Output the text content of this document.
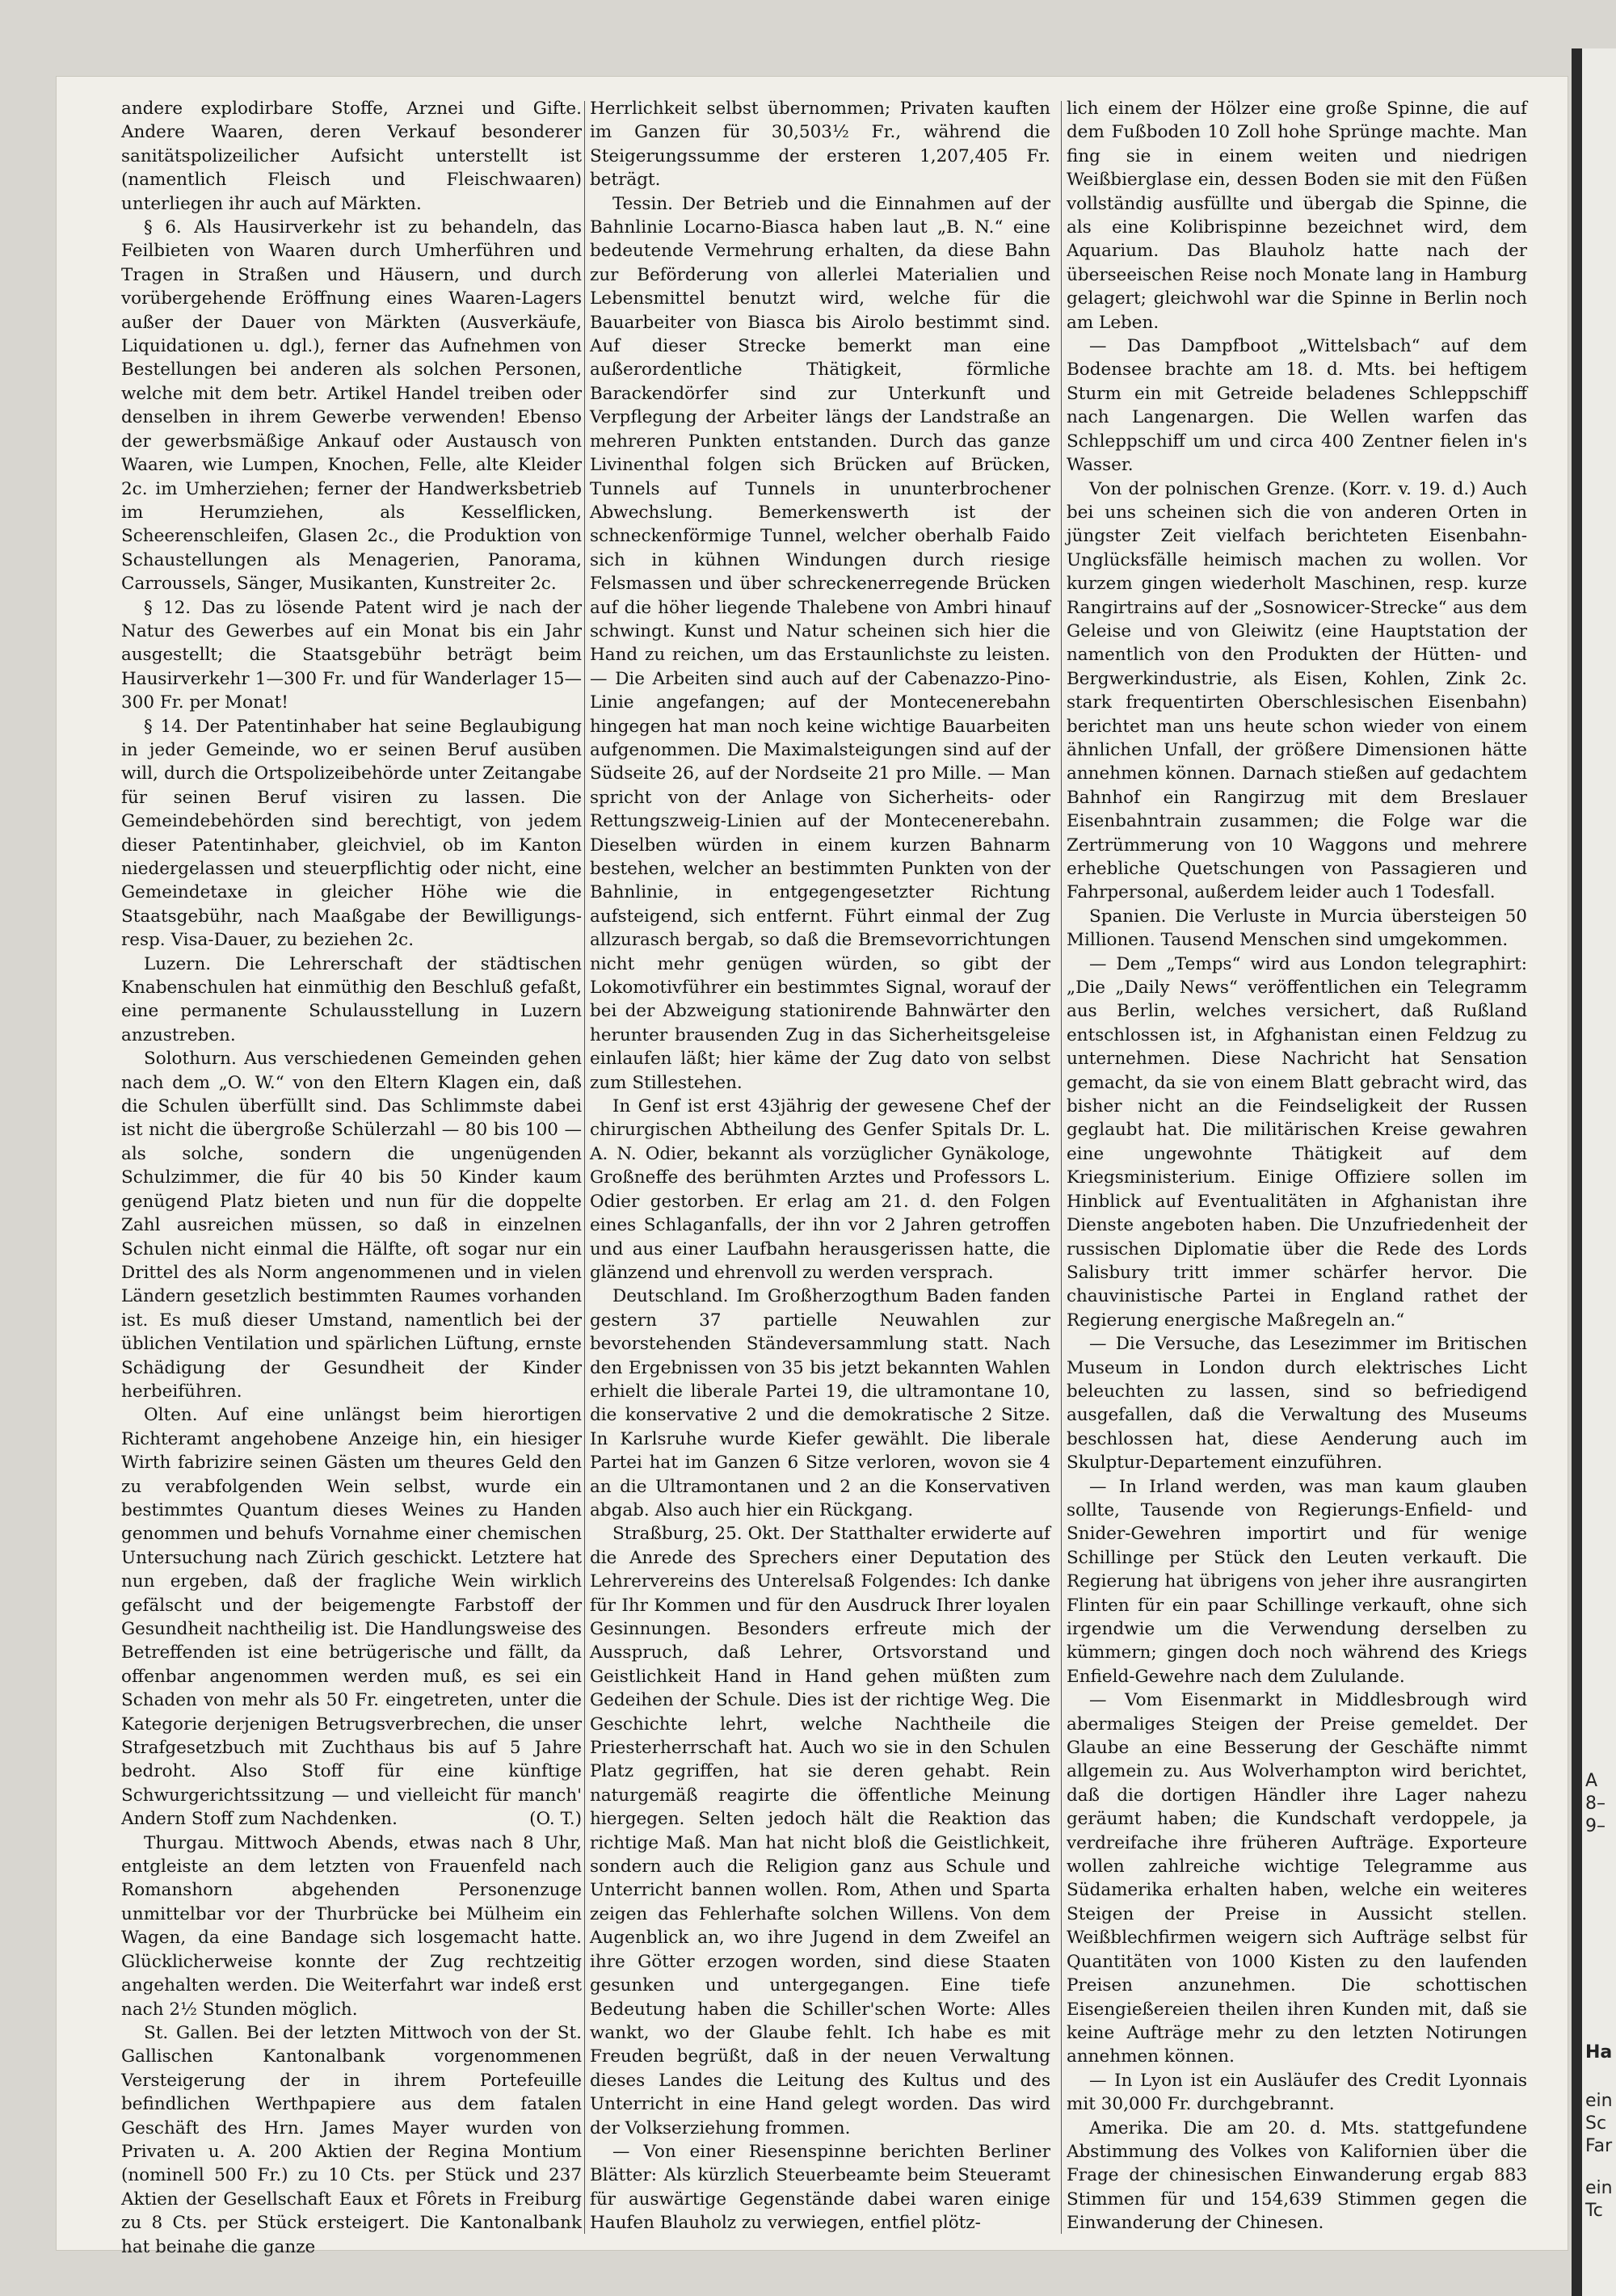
andere explodirbare Stoffe, Arznei und Gifte. Andere Waaren, deren Verkauf besonderer sanitätspolizeilicher Aufsicht unterstellt ist (namentlich Fleisch und Fleischwaaren) unterliegen ihr auch auf Märkten.

§ 6. Als Hausirverkehr ist zu behandeln, das Feilbieten von Waaren durch Umherführen und Tragen in Straßen und Häusern, und durch vorübergehende Eröffnung eines Waaren-Lagers außer der Dauer von Märkten (Ausverkäufe, Liquidationen u. dgl.), ferner das Aufnehmen von Bestellungen bei anderen als solchen Personen, welche mit dem betr. Artikel Handel treiben oder denselben in ihrem Gewerbe verwenden! Ebenso der gewerbsmäßige Ankauf oder Austausch von Waaren, wie Lumpen, Knochen, Felle, alte Kleider 2c. im Umherziehen; ferner der Handwerksbetrieb im Herumziehen, als Kesselflicken, Scheerenschleifen, Glasen 2c., die Produktion von Schaustellungen als Menagerien, Panorama, Carroussels, Sänger, Musikanten, Kunstreiter 2c.

§ 12. Das zu lösende Patent wird je nach der Natur des Gewerbes auf ein Monat bis ein Jahr ausgestellt; die Staatsgebühr beträgt beim Hausirverkehr 1—300 Fr. und für Wanderlager 15—300 Fr. per Monat!

§ 14. Der Patentinhaber hat seine Beglaubigung in jeder Gemeinde, wo er seinen Beruf ausüben will, durch die Ortspolizeibehörde unter Zeitangabe für seinen Beruf visiren zu lassen. Die Gemeindebehörden sind berechtigt, von jedem dieser Patentinhaber, gleichviel, ob im Kanton niedergelassen und steuerpflichtig oder nicht, eine Gemeindetaxe in gleicher Höhe wie die Staatsgebühr, nach Maaßgabe der Bewilligungs- resp. Visa-Dauer, zu beziehen 2c.

Luzern. Die Lehrerschaft der städtischen Knabenschulen hat einmüthig den Beschluß gefaßt, eine permanente Schulausstellung in Luzern anzustreben.

Solothurn. Aus verschiedenen Gemeinden gehen nach dem „O. W.“ von den Eltern Klagen ein, daß die Schulen überfüllt sind. Das Schlimmste dabei ist nicht die übergroße Schülerzahl — 80 bis 100 — als solche, sondern die ungenügenden Schulzimmer, die für 40 bis 50 Kinder kaum genügend Platz bieten und nun für die doppelte Zahl ausreichen müssen, so daß in einzelnen Schulen nicht einmal die Hälfte, oft sogar nur ein Drittel des als Norm angenommenen und in vielen Ländern gesetzlich bestimmten Raumes vorhanden ist. Es muß dieser Umstand, namentlich bei der üblichen Ventilation und spärlichen Lüftung, ernste Schädigung der Gesundheit der Kinder herbeiführen.

Olten. Auf eine unlängst beim hierortigen Richteramt angehobene Anzeige hin, ein hiesiger Wirth fabrizire seinen Gästen um theures Geld den zu verabfolgenden Wein selbst, wurde ein bestimmtes Quantum dieses Weines zu Handen genommen und behufs Vornahme einer chemischen Untersuchung nach Zürich geschickt. Letztere hat nun ergeben, daß der fragliche Wein wirklich gefälscht und der beigemengte Farbstoff der Gesundheit nachtheilig ist. Die Handlungsweise des Betreffenden ist eine betrügerische und fällt, da offenbar angenommen werden muß, es sei ein Schaden von mehr als 50 Fr. eingetreten, unter die Kategorie derjenigen Betrugsverbrechen, die unser Strafgesetzbuch mit Zuchthaus bis auf 5 Jahre bedroht. Also Stoff für eine künftige Schwurgerichtssitzung — und vielleicht für manch' Andern Stoff zum Nachdenken.	(O. T.)

Thurgau. Mittwoch Abends, etwas nach 8 Uhr, entgleiste an dem letzten von Frauenfeld nach Romanshorn abgehenden Personenzuge unmittelbar vor der Thurbrücke bei Mülheim ein Wagen, da eine Bandage sich losgemacht hatte. Glücklicherweise konnte der Zug rechtzeitig angehalten werden. Die Weiterfahrt war indeß erst nach 2½ Stunden möglich.

St. Gallen. Bei der letzten Mittwoch von der St. Gallischen Kantonalbank vorgenommenen Versteigerung der in ihrem Portefeuille befindlichen Werthpapiere aus dem fatalen Geschäft des Hrn. James Mayer wurden von Privaten u. A. 200 Aktien der Regina Montium (nominell 500 Fr.) zu 10 Cts. per Stück und 237 Aktien der Gesellschaft Eaux et Fôrets in Freiburg zu 8 Cts. per Stück ersteigert. Die Kantonalbank hat beinahe die ganze

Herrlichkeit selbst übernommen; Privaten kauften im Ganzen für 30,503½ Fr., während die Steigerungssumme der ersteren 1,207,405 Fr. beträgt.

Tessin. Der Betrieb und die Einnahmen auf der Bahnlinie Locarno-Biasca haben laut „B. N.“ eine bedeutende Vermehrung erhalten, da diese Bahn zur Beförderung von allerlei Materialien und Lebensmittel benutzt wird, welche für die Bauarbeiter von Biasca bis Airolo bestimmt sind. Auf dieser Strecke bemerkt man eine außerordentliche Thätigkeit, förmliche Barackendörfer sind zur Unterkunft und Verpflegung der Arbeiter längs der Landstraße an mehreren Punkten entstanden. Durch das ganze Livinenthal folgen sich Brücken auf Brücken, Tunnels auf Tunnels in ununterbrochener Abwechslung. Bemerkenswerth ist der schneckenförmige Tunnel, welcher oberhalb Faido sich in kühnen Windungen durch riesige Felsmassen und über schreckenerregende Brücken auf die höher liegende Thalebene von Ambri hinauf schwingt. Kunst und Natur scheinen sich hier die Hand zu reichen, um das Erstaunlichste zu leisten. — Die Arbeiten sind auch auf der Cabenazzo-Pino-Linie angefangen; auf der Montecenerebahn hingegen hat man noch keine wichtige Bauarbeiten aufgenommen. Die Maximalsteigungen sind auf der Südseite 26, auf der Nordseite 21 pro Mille. — Man spricht von der Anlage von Sicherheits- oder Rettungszweig-Linien auf der Montecenerebahn. Dieselben würden in einem kurzen Bahnarm bestehen, welcher an bestimmten Punkten von der Bahnlinie, in entgegengesetzter Richtung aufsteigend, sich entfernt. Führt einmal der Zug allzurasch bergab, so daß die Bremsevorrichtungen nicht mehr genügen würden, so gibt der Lokomotivführer ein bestimmtes Signal, worauf der bei der Abzweigung stationirende Bahnwärter den herunter brausenden Zug in das Sicherheitsgeleise einlaufen läßt; hier käme der Zug dato von selbst zum Stillestehen.

In Genf ist erst 43jährig der gewesene Chef der chirurgischen Abtheilung des Genfer Spitals Dr. L. A. N. Odier, bekannt als vorzüglicher Gynäkologe, Großneffe des berühmten Arztes und Professors L. Odier gestorben. Er erlag am 21. d. den Folgen eines Schlaganfalls, der ihn vor 2 Jahren getroffen und aus einer Laufbahn herausgerissen hatte, die glänzend und ehrenvoll zu werden versprach.

Deutschland. Im Großherzogthum Baden fanden gestern 37 partielle Neuwahlen zur bevorstehenden Ständeversammlung statt. Nach den Ergebnissen von 35 bis jetzt bekannten Wahlen erhielt die liberale Partei 19, die ultramontane 10, die konservative 2 und die demokratische 2 Sitze. In Karlsruhe wurde Kiefer gewählt. Die liberale Partei hat im Ganzen 6 Sitze verloren, wovon sie 4 an die Ultramontanen und 2 an die Konservativen abgab. Also auch hier ein Rückgang.

Straßburg, 25. Okt. Der Statthalter erwiderte auf die Anrede des Sprechers einer Deputation des Lehrervereins des Unterelsaß Folgendes: Ich danke für Ihr Kommen und für den Ausdruck Ihrer loyalen Gesinnungen. Besonders erfreute mich der Ausspruch, daß Lehrer, Ortsvorstand und Geistlichkeit Hand in Hand gehen müßten zum Gedeihen der Schule. Dies ist der richtige Weg. Die Geschichte lehrt, welche Nachtheile die Priesterherrschaft hat. Auch wo sie in den Schulen Platz gegriffen, hat sie deren gehabt. Rein naturgemäß reagirte die öffentliche Meinung hiergegen. Selten jedoch hält die Reaktion das richtige Maß. Man hat nicht bloß die Geistlichkeit, sondern auch die Religion ganz aus Schule und Unterricht bannen wollen. Rom, Athen und Sparta zeigen das Fehlerhafte solchen Willens. Von dem Augenblick an, wo ihre Jugend in dem Zweifel an ihre Götter erzogen worden, sind diese Staaten gesunken und untergegangen. Eine tiefe Bedeutung haben die Schiller'schen Worte: Alles wankt, wo der Glaube fehlt. Ich habe es mit Freuden begrüßt, daß in der neuen Verwaltung dieses Landes die Leitung des Kultus und des Unterricht in eine Hand gelegt worden. Das wird der Volkserziehung frommen.

— Von einer Riesenspinne berichten Berliner Blätter: Als kürzlich Steuerbeamte beim Steueramt für auswärtige Gegenstände dabei waren einige Haufen Blauholz zu verwiegen, entfiel plötz-

lich einem der Hölzer eine große Spinne, die auf dem Fußboden 10 Zoll hohe Sprünge machte. Man fing sie in einem weiten und niedrigen Weißbierglase ein, dessen Boden sie mit den Füßen vollständig ausfüllte und übergab die Spinne, die als eine Kolibrispinne bezeichnet wird, dem Aquarium. Das Blauholz hatte nach der überseeischen Reise noch Monate lang in Hamburg gelagert; gleichwohl war die Spinne in Berlin noch am Leben.

— Das Dampfboot „Wittelsbach“ auf dem Bodensee brachte am 18. d. Mts. bei heftigem Sturm ein mit Getreide beladenes Schleppschiff nach Langenargen. Die Wellen warfen das Schleppschiff um und circa 400 Zentner fielen in's Wasser.

Von der polnischen Grenze. (Korr. v. 19. d.) Auch bei uns scheinen sich die von anderen Orten in jüngster Zeit vielfach berichteten Eisenbahn-Unglücksfälle heimisch machen zu wollen. Vor kurzem gingen wiederholt Maschinen, resp. kurze Rangirtrains auf der „Sosnowicer-Strecke“ aus dem Geleise und von Gleiwitz (eine Hauptstation der namentlich von den Produkten der Hütten- und Bergwerkindustrie, als Eisen, Kohlen, Zink 2c. stark frequentirten Oberschlesischen Eisenbahn) berichtet man uns heute schon wieder von einem ähnlichen Unfall, der größere Dimensionen hätte annehmen können. Darnach stießen auf gedachtem Bahnhof ein Rangirzug mit dem Breslauer Eisenbahntrain zusammen; die Folge war die Zertrümmerung von 10 Waggons und mehrere erhebliche Quetschungen von Passagieren und Fahrpersonal, außerdem leider auch 1 Todesfall.

Spanien. Die Verluste in Murcia übersteigen 50 Millionen. Tausend Menschen sind umgekommen.

— Dem „Temps“ wird aus London telegraphirt: „Die „Daily News“ veröffentlichen ein Telegramm aus Berlin, welches versichert, daß Rußland entschlossen ist, in Afghanistan einen Feldzug zu unternehmen. Diese Nachricht hat Sensation gemacht, da sie von einem Blatt gebracht wird, das bisher nicht an die Feindseligkeit der Russen geglaubt hat. Die militärischen Kreise gewahren eine ungewohnte Thätigkeit auf dem Kriegsministerium. Einige Offiziere sollen im Hinblick auf Eventualitäten in Afghanistan ihre Dienste angeboten haben. Die Unzufriedenheit der russischen Diplomatie über die Rede des Lords Salisbury tritt immer schärfer hervor. Die chauvinistische Partei in England rathet der Regierung energische Maßregeln an.“

— Die Versuche, das Lesezimmer im Britischen Museum in London durch elektrisches Licht beleuchten zu lassen, sind so befriedigend ausgefallen, daß die Verwaltung des Museums beschlossen hat, diese Aenderung auch im Skulptur-Departement einzuführen.

— In Irland werden, was man kaum glauben sollte, Tausende von Regierungs-Enfield- und Snider-Gewehren importirt und für wenige Schillinge per Stück den Leuten verkauft. Die Regierung hat übrigens von jeher ihre ausrangirten Flinten für ein paar Schillinge verkauft, ohne sich irgendwie um die Verwendung derselben zu kümmern; gingen doch noch während des Kriegs Enfield-Gewehre nach dem Zululande.

— Vom Eisenmarkt in Middlesbrough wird abermaliges Steigen der Preise gemeldet. Der Glaube an eine Besserung der Geschäfte nimmt allgemein zu. Aus Wolverhampton wird berichtet, daß die dortigen Händler ihre Lager nahezu geräumt haben; die Kundschaft verdoppele, ja verdreifache ihre früheren Aufträge. Exporteure wollen zahlreiche wichtige Telegramme aus Südamerika erhalten haben, welche ein weiteres Steigen der Preise in Aussicht stellen. Weißblechfirmen weigern sich Aufträge selbst für Quantitäten von 1000 Kisten zu den laufenden Preisen anzunehmen. Die schottischen Eisengießereien theilen ihren Kunden mit, daß sie keine Aufträge mehr zu den letzten Notirungen annehmen können.

— In Lyon ist ein Ausläufer des Credit Lyonnais mit 30,000 Fr. durchgebrannt.

Amerika. Die am 20. d. Mts. stattgefundene Abstimmung des Volkes von Kalifornien über die Frage der chinesischen Einwanderung ergab 883 Stimmen für und 154,639 Stimmen gegen die Einwanderung der Chinesen.

A
8–
9–
Ha
ein
Sc
Far
ein
Tc
